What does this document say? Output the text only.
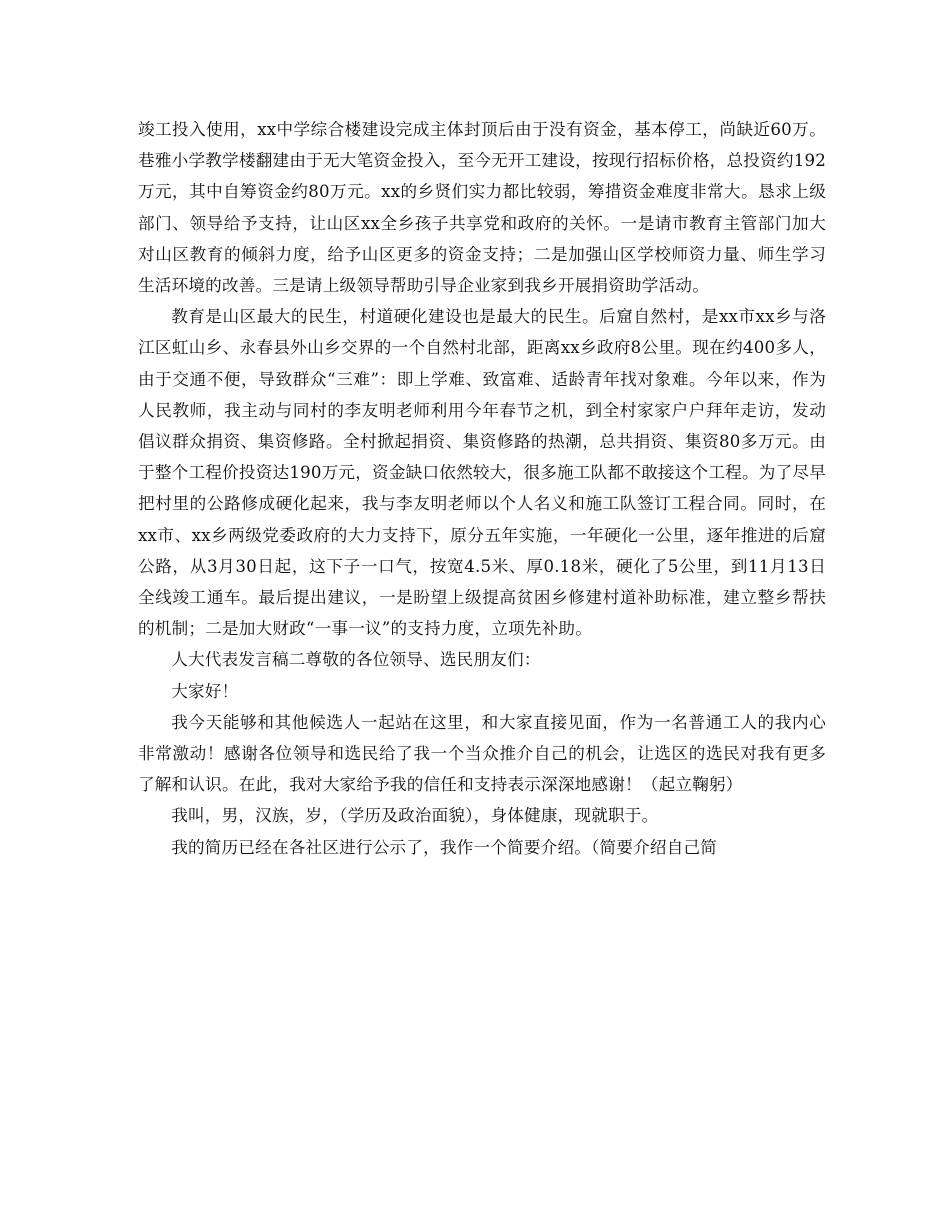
竣工投入使用，xx中学综合楼建设完成主体封顶后由于没有资金，基本停工，尚缺近60万。巷雅小学教学楼翻建由于无大笔资金投入，至今无开工建设，按现行招标价格，总投资约192万元，其中自筹资金约80万元。xx的乡贤们实力都比较弱，筹措资金难度非常大。恳求上级部门、领导给予支持，让山区xx全乡孩子共享党和政府的关怀。一是请市教育主管部门加大对山区教育的倾斜力度，给予山区更多的资金支持；二是加强山区学校师资力量、师生学习生活环境的改善。三是请上级领导帮助引导企业家到我乡开展捐资助学活动。

教育是山区最大的民生，村道硬化建设也是最大的民生。后窟自然村，是xx市xx乡与洛江区虹山乡、永春县外山乡交界的一个自然村北部，距离xx乡政府8公里。现在约400多人，由于交通不便，导致群众“三难”：即上学难、致富难、适龄青年找对象难。今年以来，作为人民教师，我主动与同村的李友明老师利用今年春节之机，到全村家家户户拜年走访，发动倡议群众捐资、集资修路。全村掀起捐资、集资修路的热潮，总共捐资、集资80多万元。由于整个工程价投资达190万元，资金缺口依然较大，很多施工队都不敢接这个工程。为了尽早把村里的公路修成硬化起来，我与李友明老师以个人名义和施工队签订工程合同。同时，在xx市、xx乡两级党委政府的大力支持下，原分五年实施，一年硬化一公里，逐年推进的后窟公路，从3月30日起，这下子一口气，按宽4.5米、厚0.18米，硬化了5公里，到11月13日全线竣工通车。最后提出建议，一是盼望上级提高贫困乡修建村道补助标准，建立整乡帮扶的机制；二是加大财政“一事一议”的支持力度，立项先补助。

人大代表发言稿二尊敬的各位领导、选民朋友们：

大家好！

我今天能够和其他候选人一起站在这里，和大家直接见面，作为一名普通工人的我内心非常激动！感谢各位领导和选民给了我一个当众推介自己的机会，让选区的选民对我有更多了解和认识。在此，我对大家给予我的信任和支持表示深深地感谢！（起立鞠躬）

我叫，男，汉族，岁，（学历及政治面貌），身体健康，现就职于。

我的简历已经在各社区进行公示了，我作一个简要介绍。（简要介绍自己简
